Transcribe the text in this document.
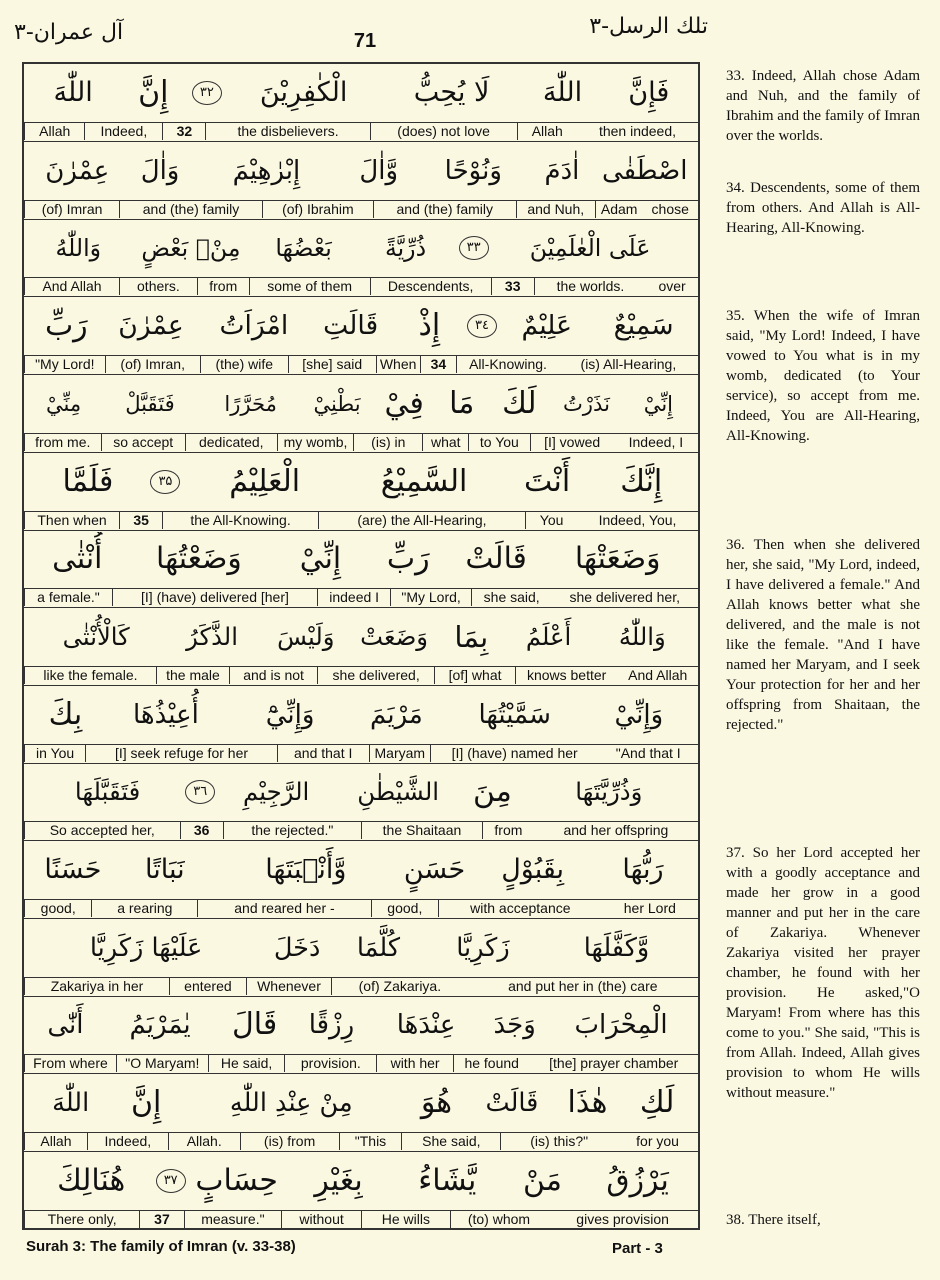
آل عمران-٣	71
تلك الرسل-٣
فَإِنَّ
اللّٰهَ
لَا يُحِبُّ
الْكٰفِرِيْنَ
۳۲
إِنَّ
اللّٰهَ
then indeed,
Allah
(does) not love
the disbelievers.
32
Indeed,
Allah
اصْطَفٰى
اٰدَمَ
وَنُوْحًا
وَّاٰلَ
إِبْرٰهِيْمَ
وَاٰلَ
عِمْرٰنَ
chose
Adam
and Nuh,
and (the) family
(of) Ibrahim
and (the) family
(of) Imran
عَلَى الْعٰلَمِيْنَ
۳۳
ذُرِّيَّةً
بَعْضُهَا
مِنْۢ بَعْضٍ
وَاللّٰهُ
over
the worlds.
33
Descendents,
some of them
from
others.
And Allah
سَمِيْعٌ
عَلِيْمٌ
۳٤
إِذْ
قَالَتِ
امْرَاَتُ
عِمْرٰنَ
رَبِّ
(is) All-Hearing,
All-Knowing.
34
When
[she] said
(the) wife
(of) Imran,
"My Lord!
إِنِّيْ
نَذَرْتُ
لَكَ
مَا
فِيْ
بَطْنِيْ
مُحَرَّرًا
فَتَقَبَّلْ
مِنِّيْ
Indeed, I
[I] vowed
to You
what
(is) in
my womb,
dedicated,
so accept
from me.
إِنَّكَ
أَنْتَ
السَّمِيْعُ
الْعَلِيْمُ
۳۵
فَلَمَّا
Indeed, You,
You
(are) the All-Hearing,
the All-Knowing.
35
Then when
وَضَعَتْهَا
قَالَتْ
رَبِّ
إِنِّيْ
وَضَعْتُهَا
أُنْثٰى
she delivered her,
she said,
"My Lord,
indeed I
[I] (have) delivered [her]
a female."
وَاللّٰهُ
أَعْلَمُ
بِمَا
وَضَعَتْ
وَلَيْسَ
الذَّكَرُ
كَالْأُنْثٰى
And Allah
knows better
[of] what
she delivered,
and is not
the male
like the female.
وَإِنِّيْ
سَمَّيْتُهَا
مَرْيَمَ
وَإِنِّيْٓ
أُعِيْذُهَا
بِكَ
"And that I
[I] (have) named her
Maryam
and that I
[I] seek refuge for her
in You
وَذُرِّيَّتَهَا
مِنَ
الشَّيْطٰنِ
الرَّجِيْمِ
۳٦
فَتَقَبَّلَهَا
and her offspring
from
the Shaitaan
the rejected."
36
So accepted her,
رَبُّهَا
بِقَبُوْلٍ
حَسَنٍ
وَّأَنْۢبَتَهَا
نَبَاتًا
حَسَنًا
her Lord
with acceptance
good,
and reared her -
a rearing
good,
وَّكَفَّلَهَا
زَكَرِيَّا
كُلَّمَا
دَخَلَ
عَلَيْهَا زَكَرِيَّا
and put her in (the) care
(of) Zakariya.
Whenever
entered
Zakariya in her
الْمِحْرَابَ
وَجَدَ
عِنْدَهَا
رِزْقًا
قَالَ
يٰمَرْيَمُ
أَنّٰى
[the] prayer chamber
he found
with her
provision.
He said,
"O Maryam!
From where
لَكِ
هٰذَا
قَالَتْ
هُوَ
مِنْ عِنْدِ اللّٰهِ
إِنَّ
اللّٰهَ
for you
(is) this?"
She said,
"This
(is) from
Allah.
Indeed,
Allah
يَرْزُقُ
مَنْ
يَّشَاءُ
بِغَيْرِ
حِسَابٍ
۳۷
هُنَالِكَ
gives provision
(to) whom
He wills
without
measure."
37
There only,
33. Indeed, Allah chose Adam and Nuh, and the family of Ibrahim and the family of Imran over the worlds.
34. Descendents, some of them from others. And Allah is All-Hearing, All-Knowing.
35. When the wife of Imran said, "My Lord! Indeed, I have vowed to You what is in my womb, dedicated (to Your service), so accept from me. Indeed, You are All-Hearing, All-Knowing.
36. Then when she delivered her, she said, "My Lord, indeed, I have delivered a female." And Allah knows better what she delivered, and the male is not like the female. "And I have named her Maryam, and I seek Your protection for her and her offspring from Shaitaan, the rejected."
37. So her Lord accepted her with a goodly acceptance and made her grow in a good manner and put her in the care of Zakariya. Whenever Zakariya visited her prayer chamber, he found with her provision. He asked,"O Maryam! From where has this come to you." She said, "This is from Allah. Indeed, Allah gives provision to whom He wills without measure."
38. There itself,
Surah 3: The family of Imran (v. 33-38)	Part - 3
